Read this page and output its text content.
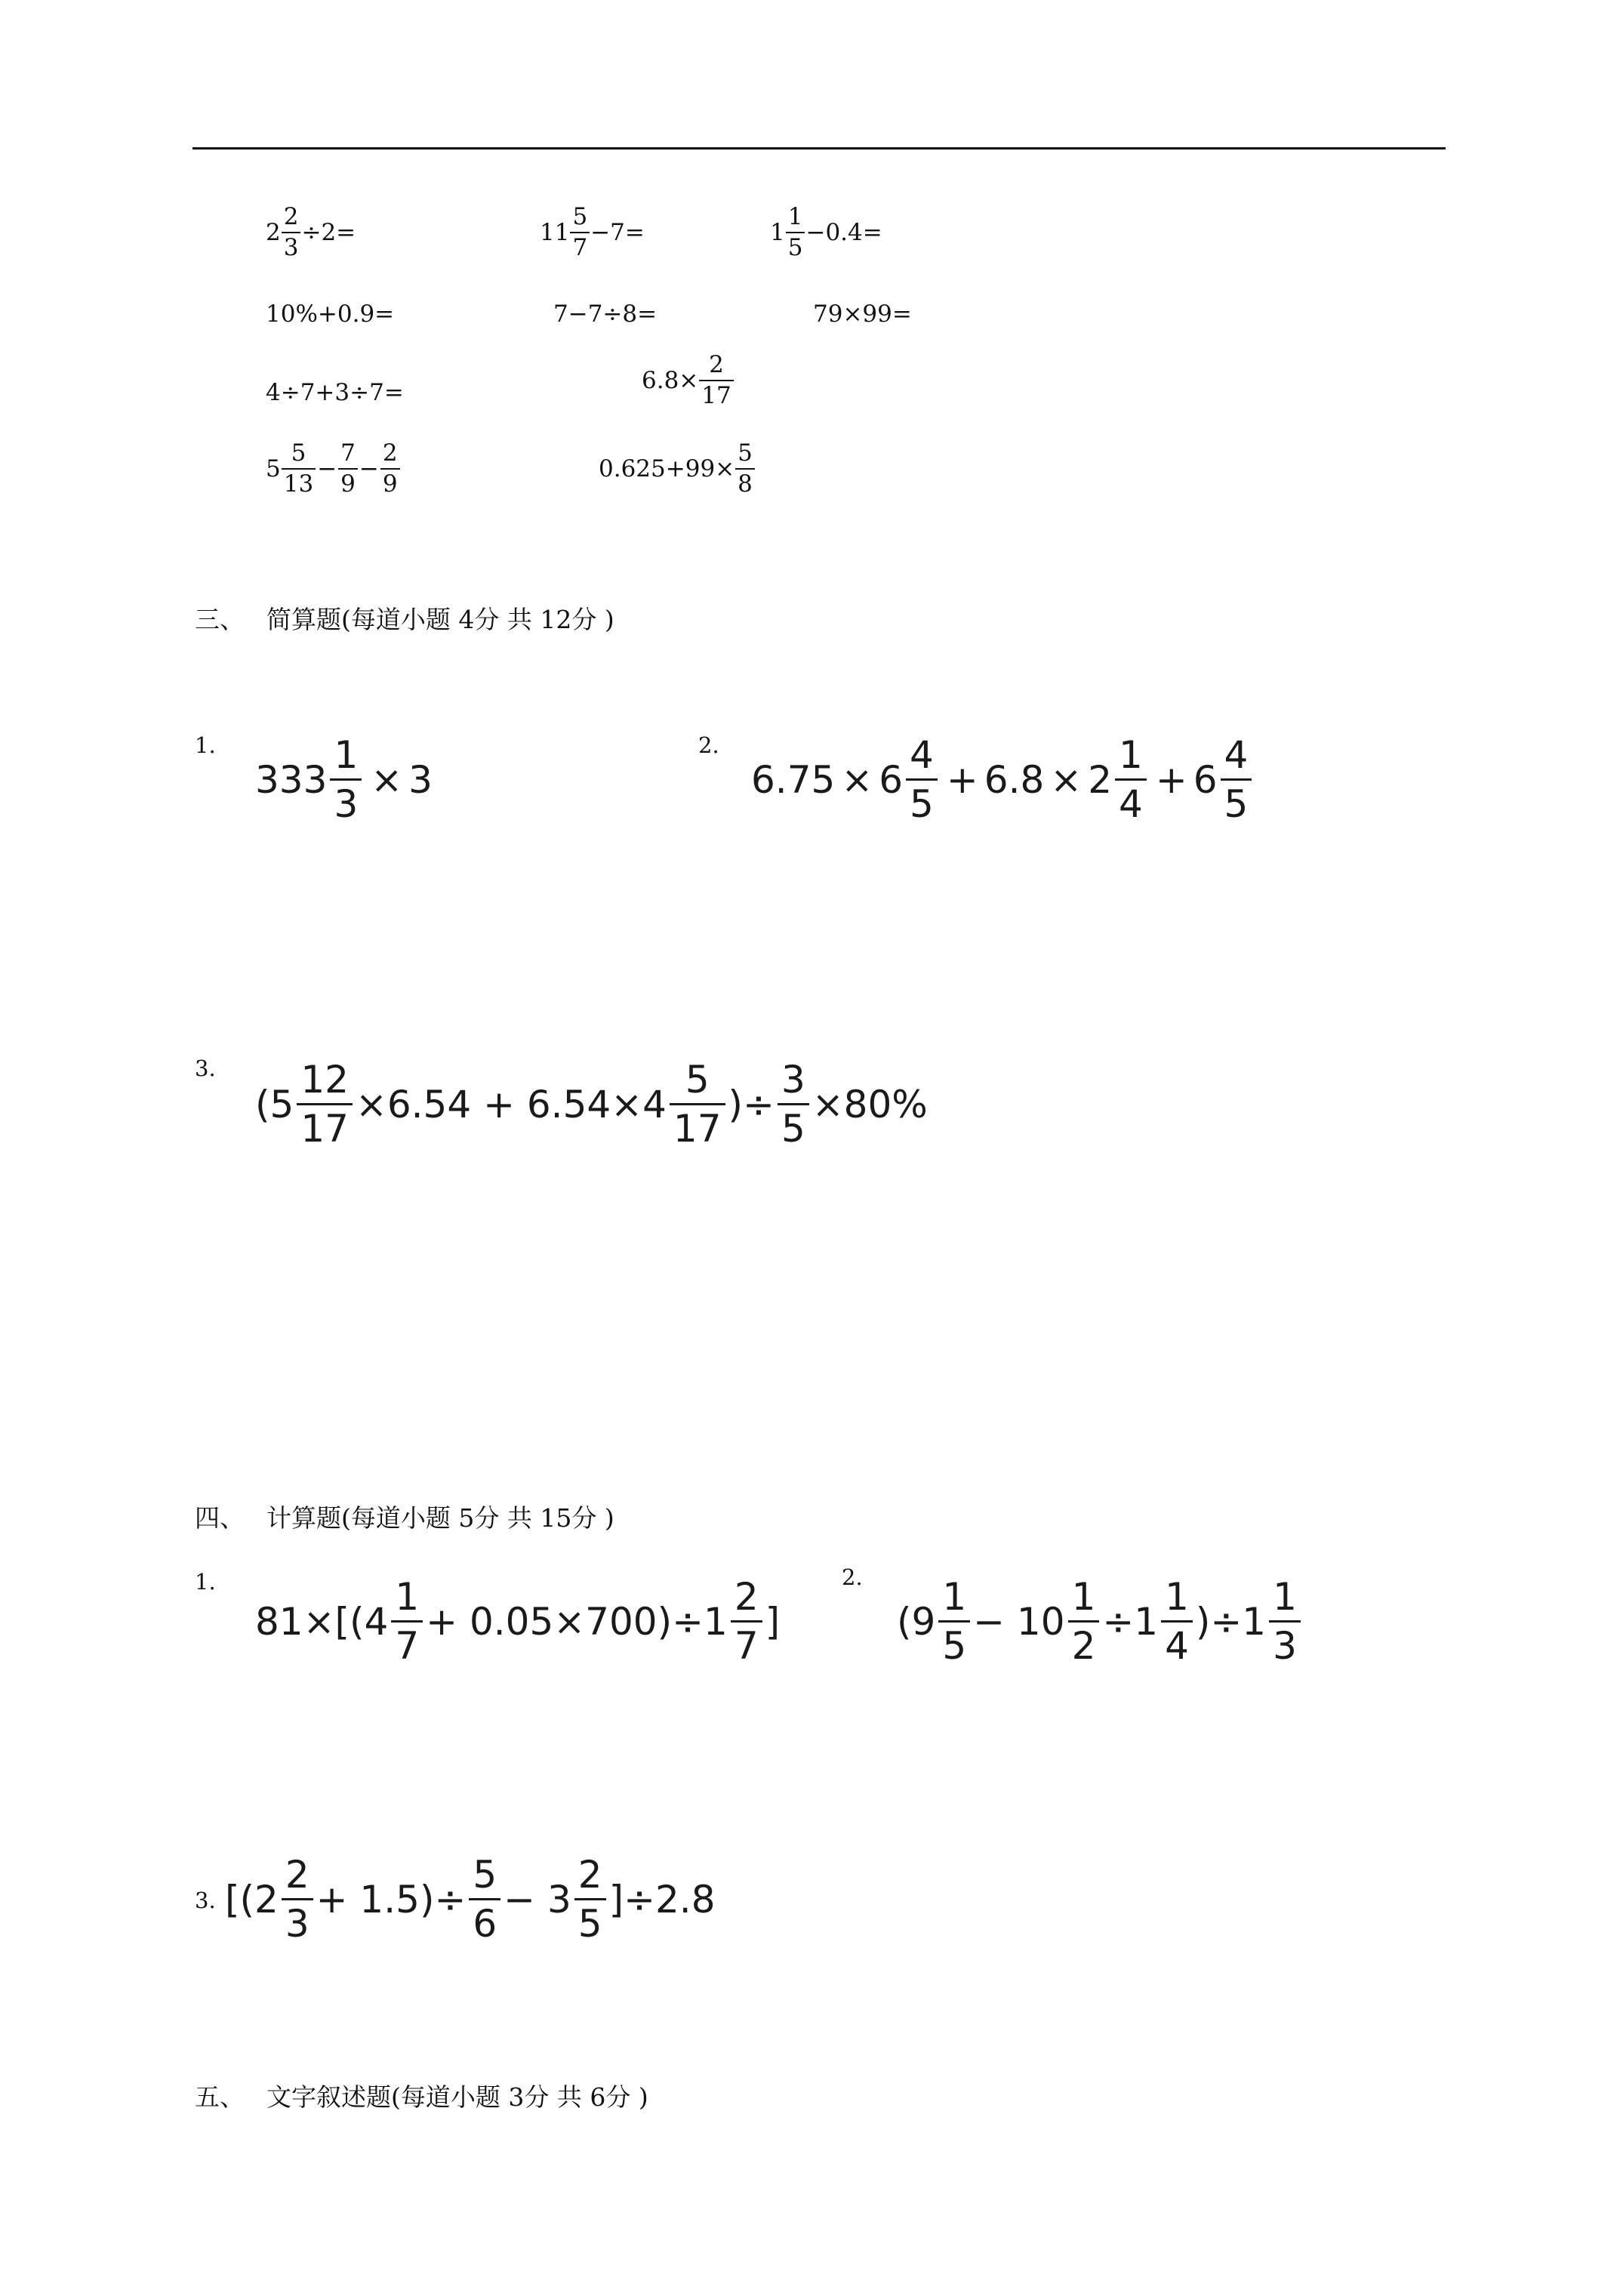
$2 \frac{2}{3} \div 2=$	$11 \frac{5}{7} -7=$	$1 \frac{1}{5} -0.4=$
10%+0.9=	7−7÷8=	79×99=
4÷7+3÷7=	$6.8\times \frac{2}{17}$
$5 \frac{5}{13} - \frac{7}{9} - \frac{2}{9}$	$0.625+99\times \frac{5}{8}$
三、 简算题(每道小题 4分 共 12分 )
1.
$333 \frac{1}{3} \times 3$
2.
$6.75 \times 6 \frac{4}{5} + 6.8 \times 2 \frac{1}{4} + 6 \frac{4}{5}$
3.
($5 \frac{12}{17} \times 6.54 + 6.54\times 4 \frac{5}{17}$ )÷ $\frac{3}{5} \times 80\%$
四、 计算题(每道小题 5分 共 15分 )
1.
$81\times[(4 \frac{1}{7} + 0.05\times 700)\div 1 \frac{2}{7}$ ]
2.
$(9 \frac{1}{5} - 10 \frac{1}{2} \div 1 \frac{1}{4} )\div 1 \frac{1}{3}$
3. $[(2 \frac{2}{3} + 1.5)\div \frac{5}{6} - 3 \frac{2}{5} ]\div 2.8$
五、 文字叙述题(每道小题 3分 共 6分 )
